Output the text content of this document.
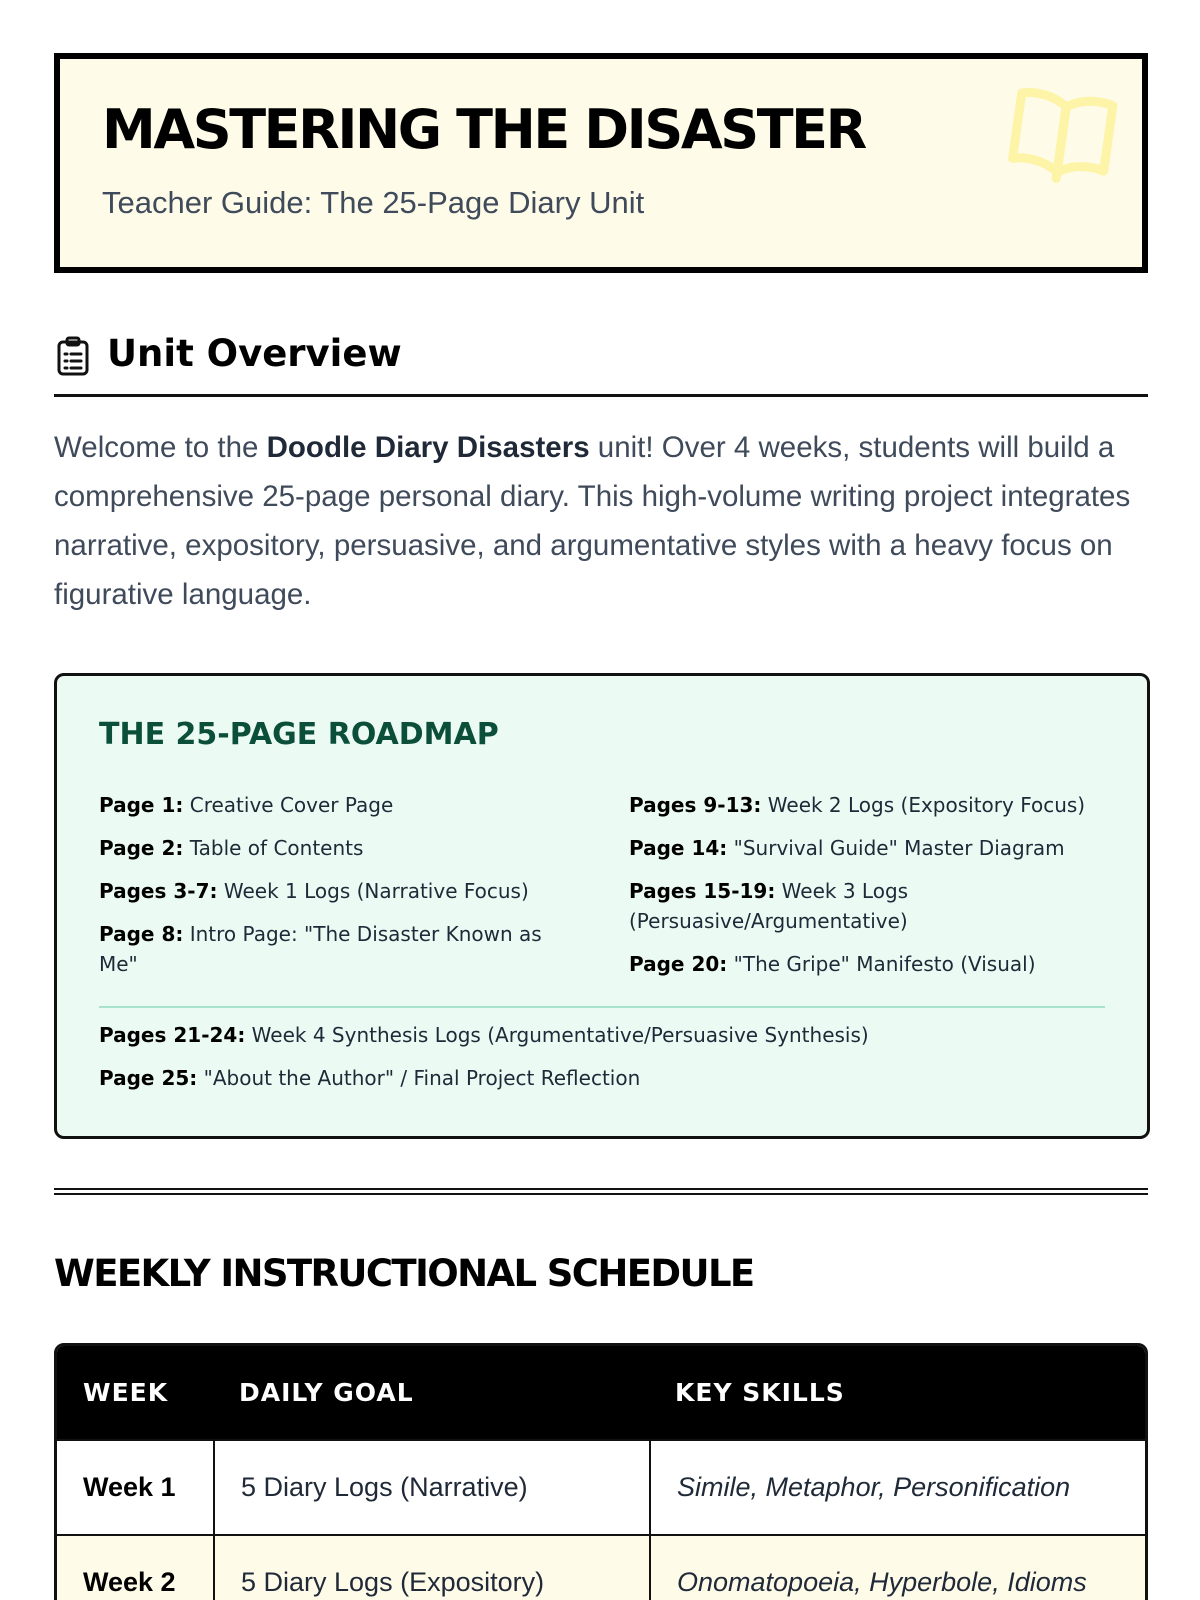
MASTERING THE DISASTER

Teacher Guide: The 25-Page Diary Unit

Unit Overview

Welcome to the Doodle Diary Disasters unit! Over 4 weeks, students will build a comprehensive 25-page personal diary. This high-volume writing project integrates narrative, expository, persuasive, and argumentative styles with a heavy focus on figurative language.

THE 25-PAGE ROADMAP
Page 1: Creative Cover Page
Page 2: Table of Contents
Pages 3-7: Week 1 Logs (Narrative Focus)
Page 8: Intro Page: "The Disaster Known as Me"
Pages 9-13: Week 2 Logs (Expository Focus)
Page 14: "Survival Guide" Master Diagram
Pages 15-19: Week 3 Logs (Persuasive/Argumentative)
Page 20: "The Gripe" Manifesto (Visual)
Pages 21-24: Week 4 Synthesis Logs (Argumentative/Persuasive Synthesis)
Page 25: "About the Author" / Final Project Reflection
WEEKLY INSTRUCTIONAL SCHEDULE
WEEK	DAILY GOAL	KEY SKILLS
Week 1	5 Diary Logs (Narrative)	Simile, Metaphor, Personification
Week 2	5 Diary Logs (Expository)	Onomatopoeia, Hyperbole, Idioms
